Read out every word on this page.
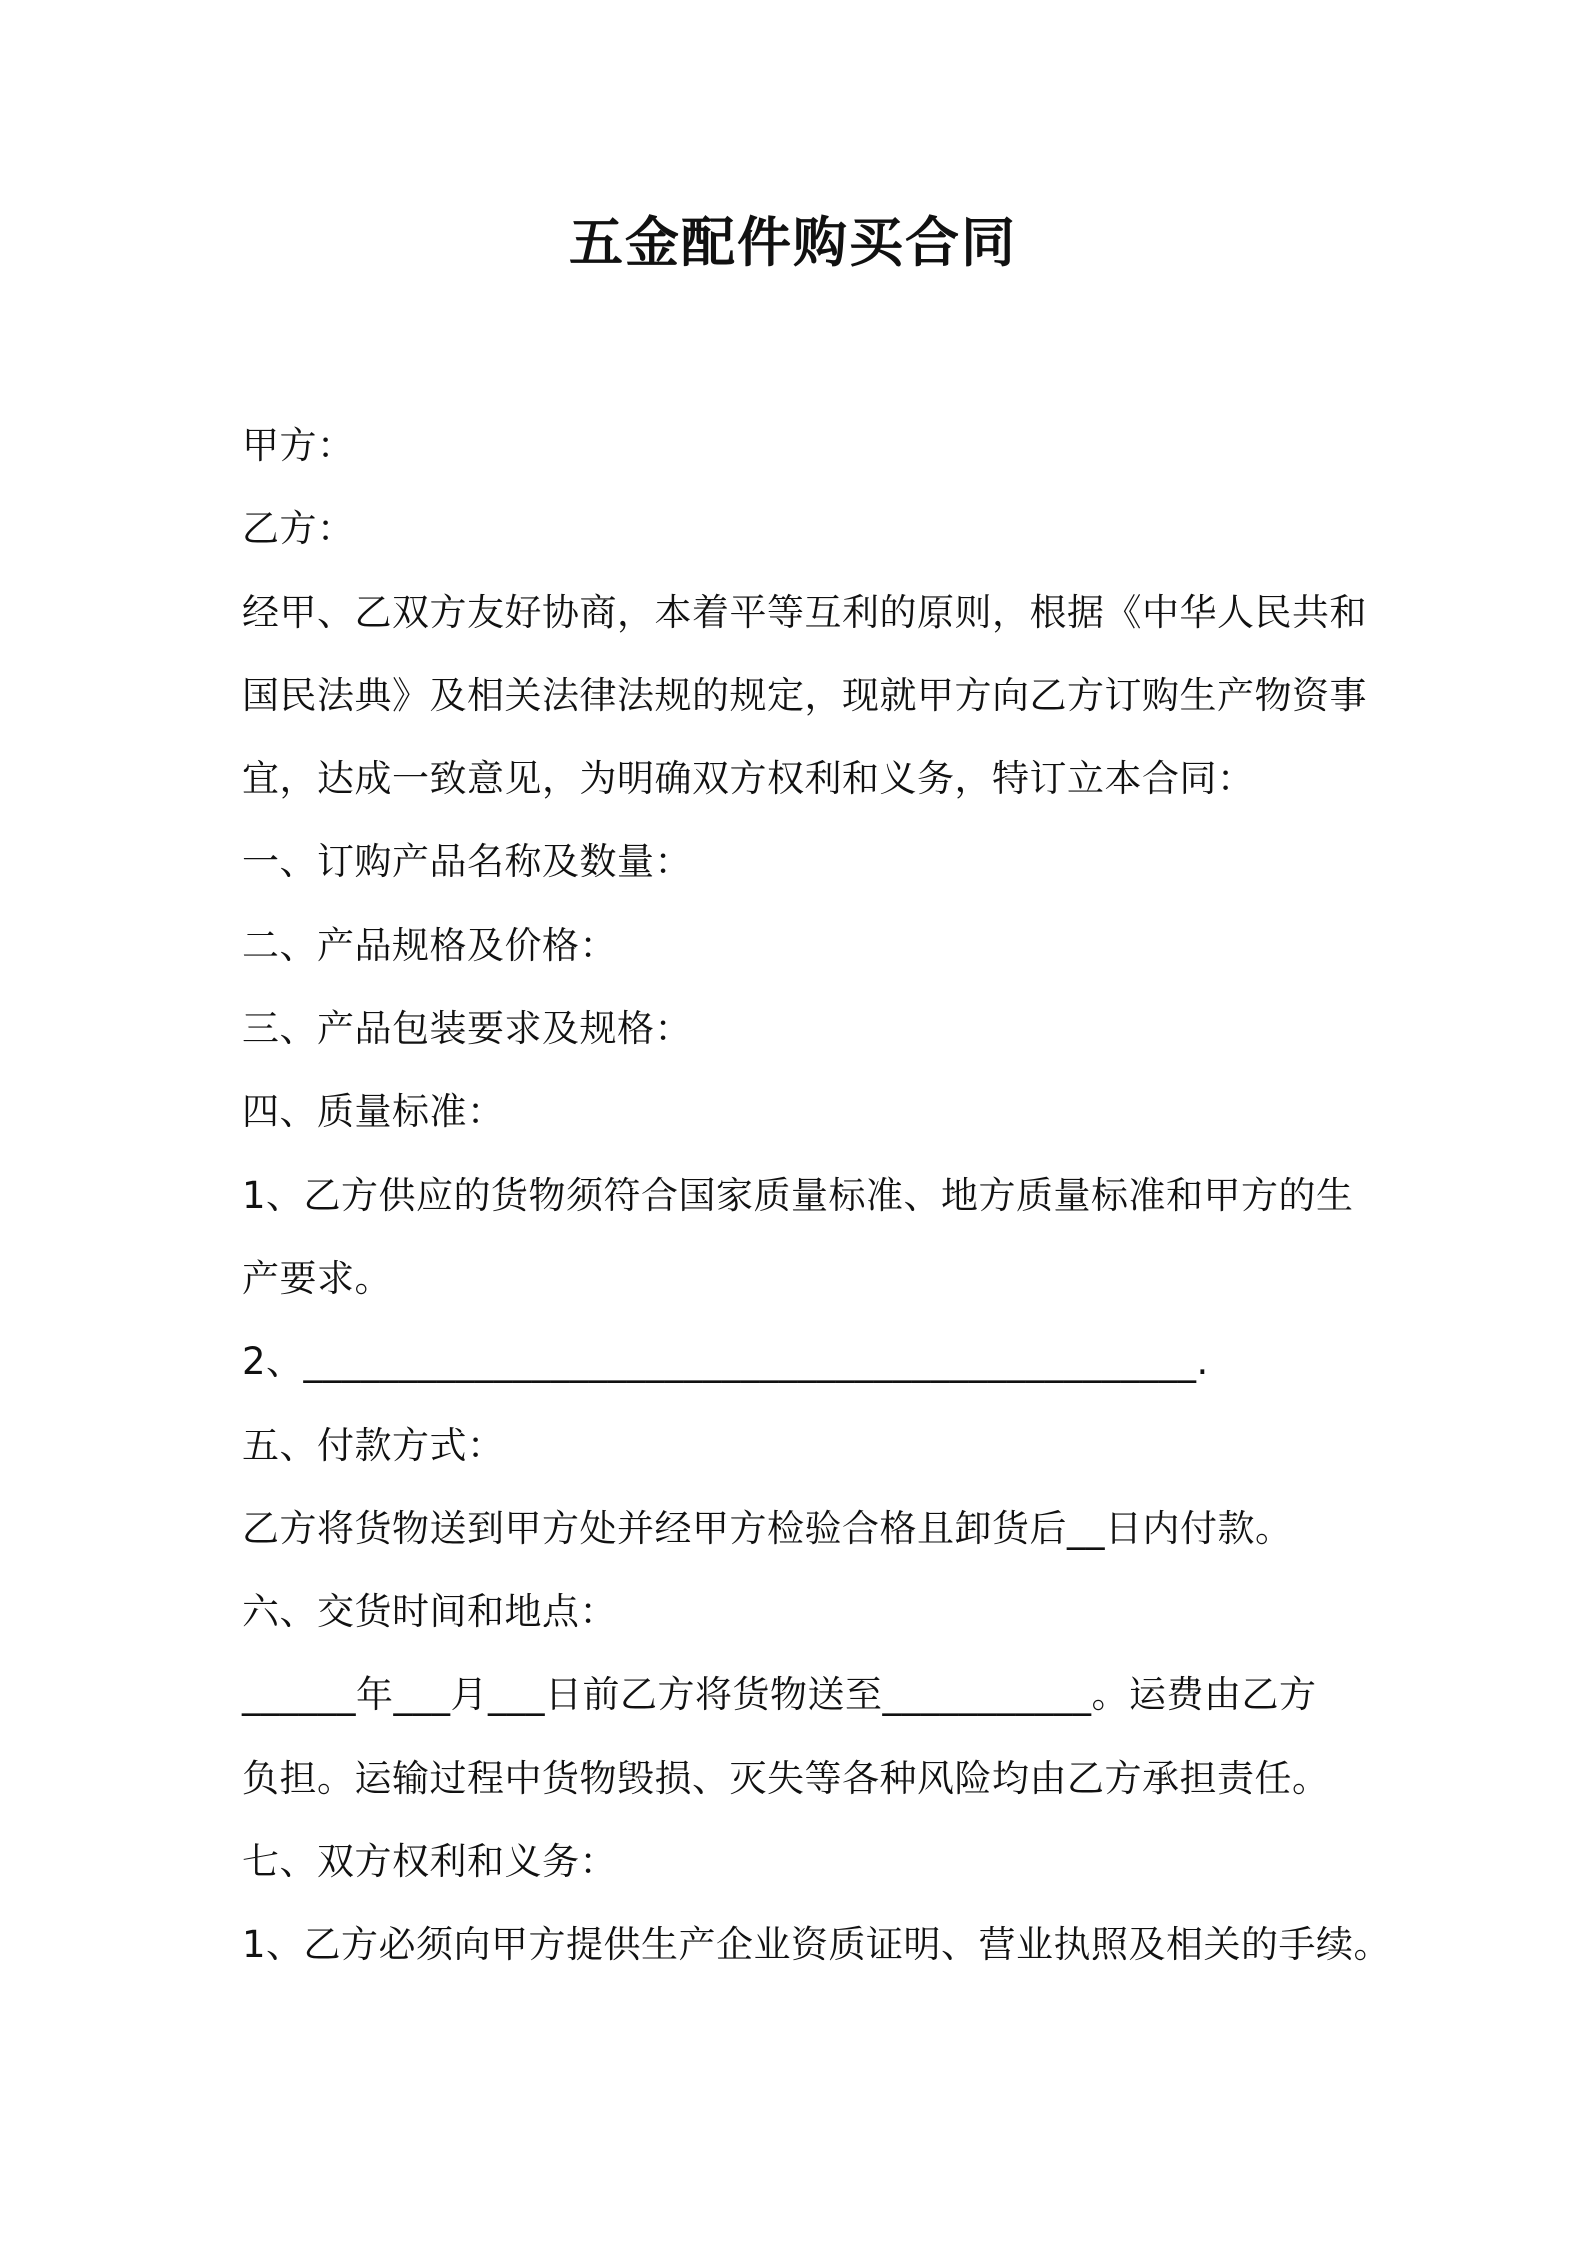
五金配件购买合同

甲方：

乙方：

经甲、乙双方友好协商，本着平等互利的原则，根据《中华人民共和

国民法典》及相关法律法规的规定，现就甲方向乙方订购生产物资事

宜，达成一致意见，为明确双方权利和义务，特订立本合同：

一、订购产品名称及数量：

二、产品规格及价格：

三、产品包装要求及规格：

四、质量标准：

1、乙方供应的货物须符合国家质量标准、地方质量标准和甲方的生

产要求。

2、_______________________________________________.

五、付款方式：

乙方将货物送到甲方处并经甲方检验合格且卸货后__日内付款。

六、交货时间和地点：

______年___月___日前乙方将货物送至___________。运费由乙方

负担。运输过程中货物毁损、灭失等各种风险均由乙方承担责任。

七、双方权利和义务：

1、乙方必须向甲方提供生产企业资质证明、营业执照及相关的手续。
